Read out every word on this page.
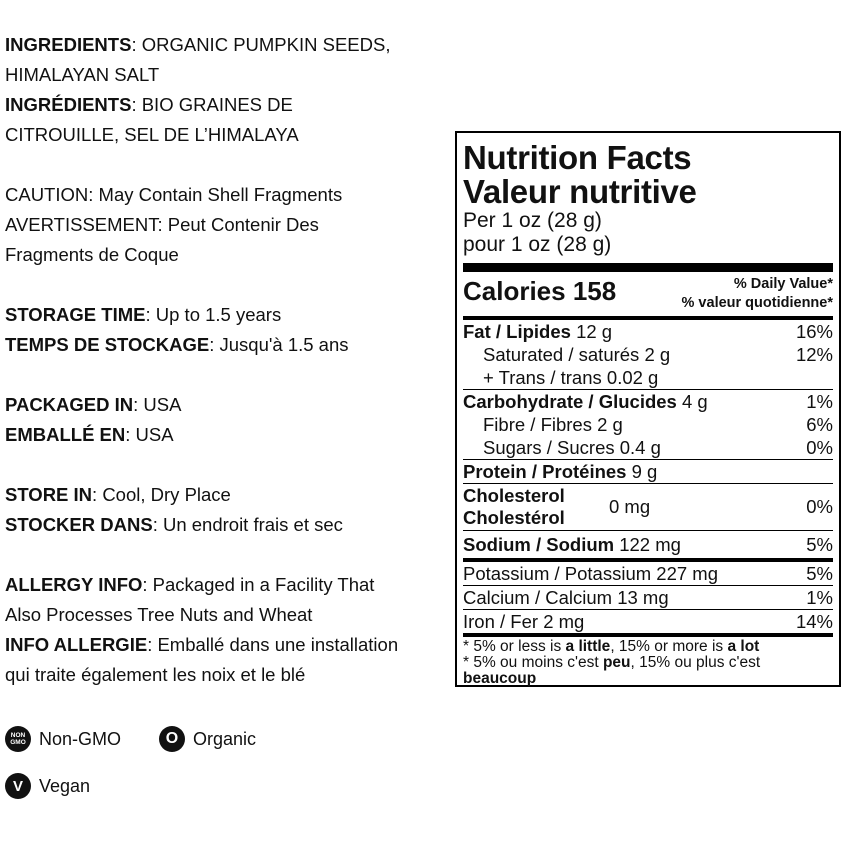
INGREDIENTS: ORGANIC PUMPKIN SEEDS,

HIMALAYAN SALT

INGRÉDIENTS: BIO GRAINES DE

CITROUILLE, SEL DE L’HIMALAYA

CAUTION: May Contain Shell Fragments

AVERTISSEMENT: Peut Contenir Des

Fragments de Coque

STORAGE TIME: Up to 1.5 years

TEMPS DE STOCKAGE: Jusqu'à 1.5 ans

PACKAGED IN: USA

EMBALLÉ EN: USA

STORE IN: Cool, Dry Place

STOCKER DANS: Un endroit frais et sec

ALLERGY INFO: Packaged in a Facility That

Also Processes Tree Nuts and Wheat

INFO ALLERGIE: Emballé dans une installation

qui traite également les noix et le blé

NON
GMO Non-GMO	O Organic
V Vegan
Nutrition Facts
Valeur nutritive
Per 1 oz (28 g)
pour 1 oz (28 g)
Calories 158	% Daily Value*
% valeur quotidienne*
Fat / Lipides 12 g	16%
Saturated / saturés 2 g	12%
+ Trans / trans 0.02 g
Carbohydrate / Glucides 4 g	1%
Fibre / Fibres 2 g	6%
Sugars / Sucres 0.4 g	0%
Protein / Protéines 9 g
Cholesterol
Cholestérol
0 mg	0%
Sodium / Sodium 122 mg	5%
Potassium / Potassium 227 mg	5%
Calcium / Calcium 13 mg	1%
Iron / Fer 2 mg	14%
* 5% or less is a little, 15% or more is a lot
* 5% ou moins c'est peu, 15% ou plus c'est
beaucoup
